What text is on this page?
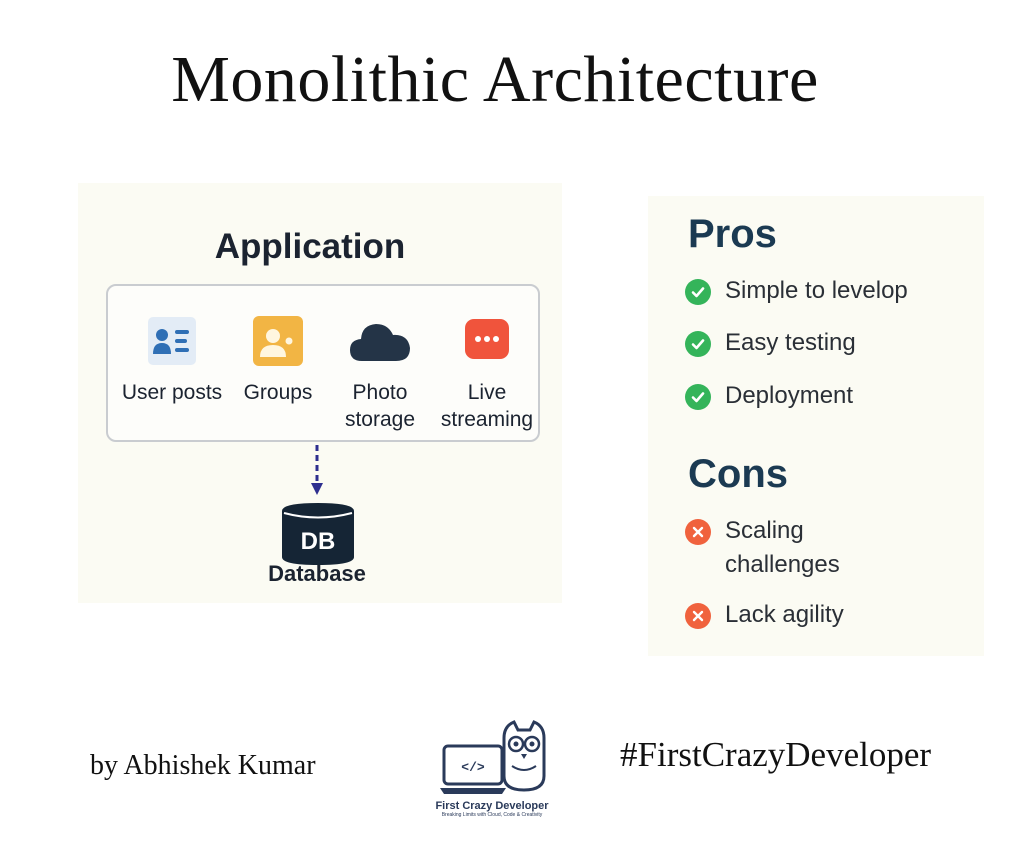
Monolithic Architecture
Application
User posts	Groups	Photo
storage
Live
streaming
DB
Database
Pros
Simple to levelop
Easy testing
Deployment
Cons
Scaling
challenges
Lack agility
by Abhishek Kumar	</>
First Crazy Developer
Breaking Limits with Cloud, Code & Creativity
#FirstCrazyDeveloper
